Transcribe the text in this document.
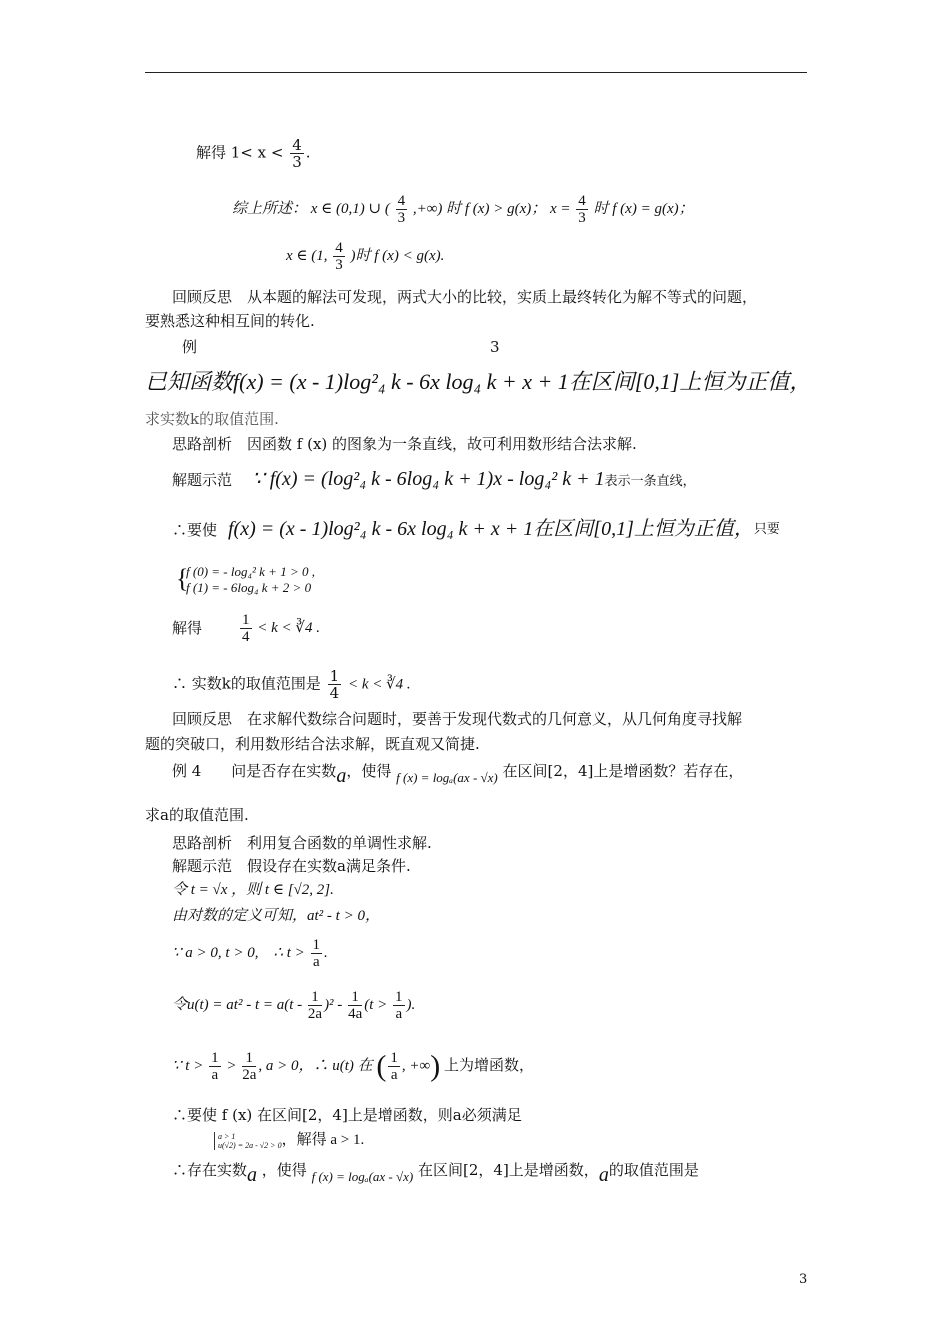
解得 $1< x < \frac{4}{3}$ .
综上所述： x ∈ (0,1) ∪ ( $\frac{4}{3}$ ,+∞) 时 f (x) > g(x)； $x = \frac{4}{3}$ 时 f (x) = g(x)；
x ∈ (1, $\frac{4}{3}$ )时 f (x) < g(x).
回顾反思　从本题的解法可发现，两式大小的比较，实质上最终转化为解不等式的问题，
要熟悉这种相互间的转化.
例	3
已知函数f(x) = (x - 1)log²₄ k - 6x log₄ k + x + 1在区间[0,1]上恒为正值，
求实数k的取值范围.
思路剖析　因函数 f (x) 的图象为一条直线，故可利用数形结合法求解.
解题示范 ∵ f(x) = (log²₄ k - 6log₄ k + 1)x - log₄² k + 1表示一条直线，
∴要使 f(x) = (x - 1)log²₄ k - 6x log₄ k + x + 1在区间[0,1]上恒为正值，$^{只要}$
{
f (0) = - log₄² k + 1 > 0 ,
f (1) = - 6log₄ k + 2 > 0
解得	$\frac{1}{4} < k$ < ∛4 .
∴ 实数k的取值范围是 $\frac{1}{4} < k$ < ∛4 .
回顾反思　在求解代数综合问题时，要善于发现代数式的几何意义，从几何角度寻找解
题的突破口，利用数形结合法求解，既直观又简捷.
例 4　　问是否存在实数a，使得 f (x) = logₐ(ax - √x) 在区间[2，4]上是增函数？若存在，
求a的取值范围.
思路剖析　利用复合函数的单调性求解.
解题示范　假设存在实数a满足条件.
令 t = √x ，则 t ∈ [√2, 2].
由对数的定义可知，at² - t > 0，
∵ a > 0, t > 0,　∴ $t > \frac{1}{a}$ .
令$u(t) = at^2 - t = a(t - \frac{1}{2a} )^2 - \frac{1}{4a} (t > \frac{1}{a}$ ).
∵ $t > \frac{1}{a} > \frac{1}{2a}$ , a > 0，∴ u(t) 在 ( $\frac{1}{a}$ , +∞) 上为增函数，
∴要使 f (x) 在区间[2，4]上是增函数，则a必须满足
a > 1
u(√2) = 2a - √2 > 0 ，解得 a > 1.
∴存在实数a ，使得 f (x) = logₐ(ax - √x) 在区间[2，4]上是增函数，a的取值范围是
3
